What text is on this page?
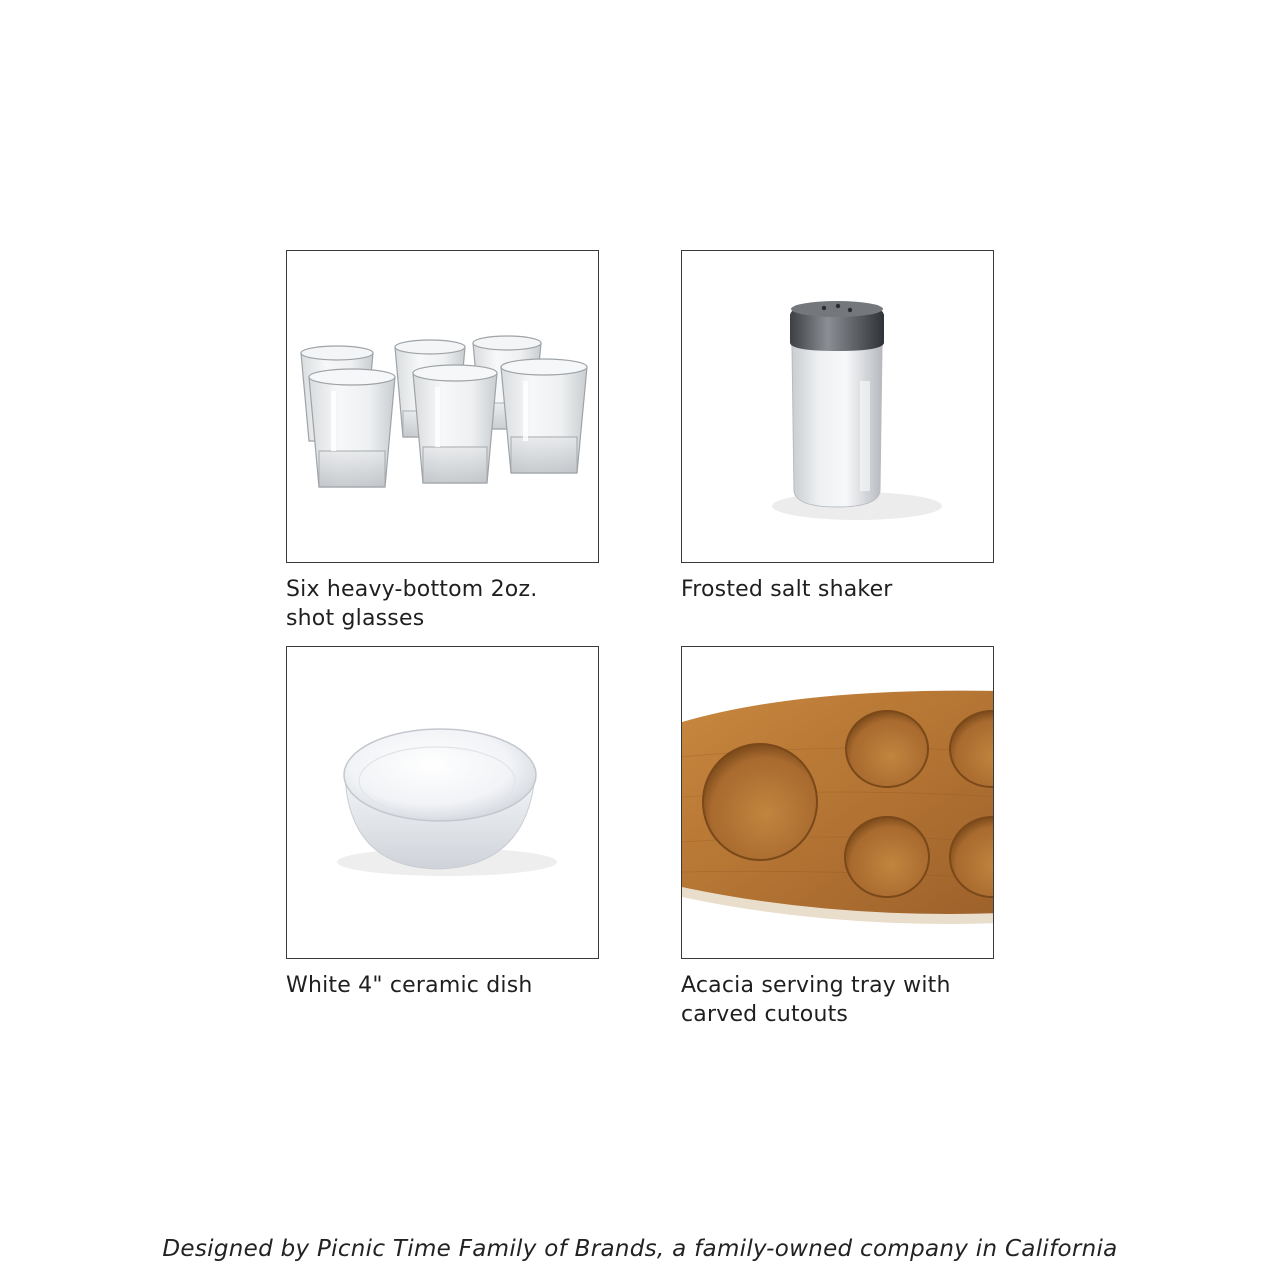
Six heavy-bottom 2oz.
shot glasses
Frosted salt shaker
White 4" ceramic dish	Acacia serving tray with
carved cutouts
Designed by Picnic Time Family of Brands, a family-owned company in California
